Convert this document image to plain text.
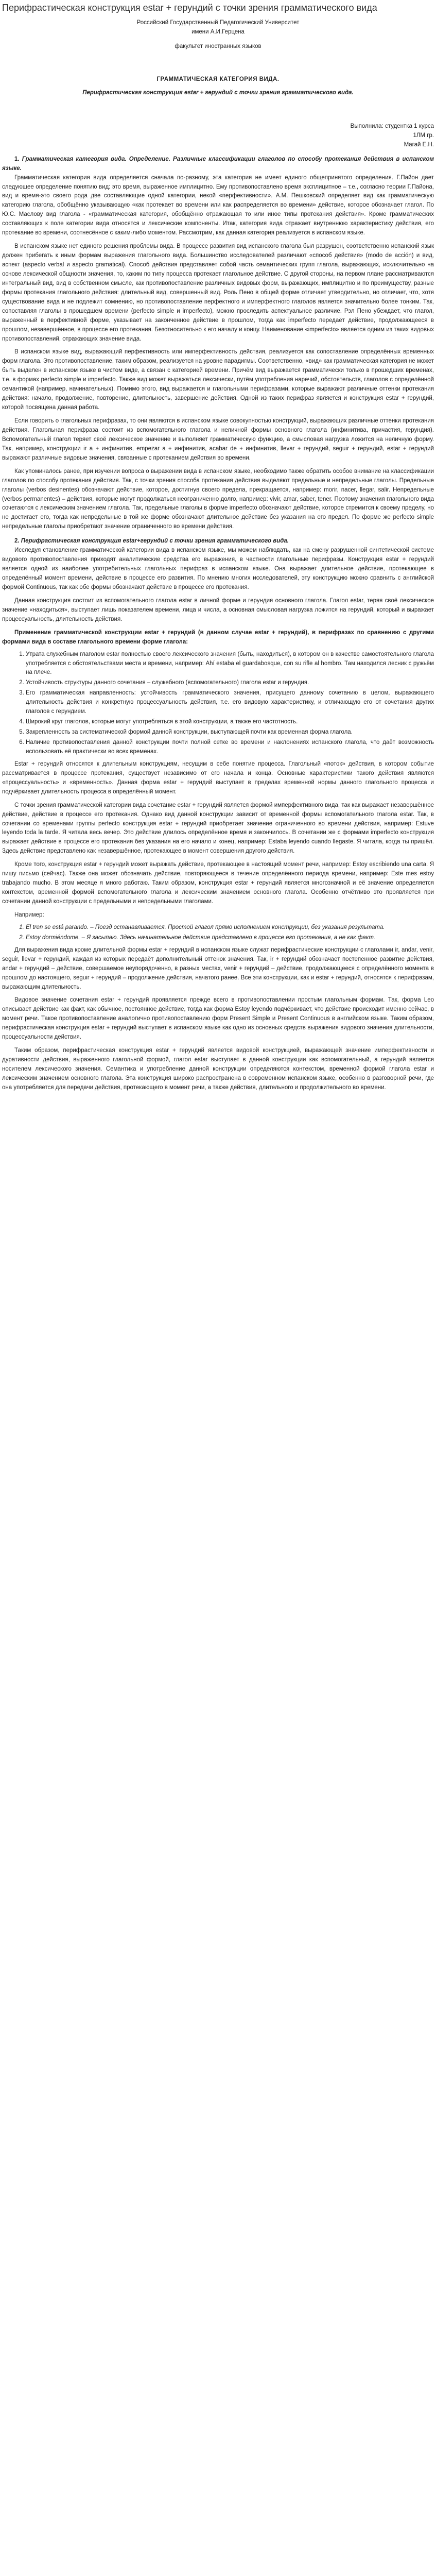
Перифрастическая конструкция estar + герундий с точки зрения грамматического вида
Российский Государственный Педагогический Университет
имени А.И.Герцена
факультет иностранных языков
ГРАММАТИЧЕСКАЯ КАТЕГОРИЯ ВИДА.
Перифрастическая конструкция estar + герундий с точки зрения грамматического вида.
Выполнила: студентка 1 курса
1ЛМ гр.
Магай Е.Н.
1. Грамматическая категория вида. Определение. Различные классификации глаголов по способу протекания действия в испанском языке.

Грамматическая категория вида определяется сначала по-разному, эта категория не имеет единого общепринятого определения. Г.Пайон дает следующее определение понятию вид: это время, выраженное имплицитно. Ему противопоставлено время эксплицитное – т.е., согласно теории Г.Пайона, вид и время-это своего рода две составляющие одной категории, некой «перфективности». А.М. Пешковский определяет вид как грамматическую категорию глагола, обобщённо указывающую «как протекает во времени или как распределяется во времени» действие, которое обозначает глагол. По Ю.С. Маслову вид глагола - «грамматическая категория, обобщённо отражающая то или иное типы протекания действия». Кроме грамматических составляющих к поле категории вида относятся и лексические компоненты. Итак, категория вида отражает внутреннюю характеристику действия, его протекание во времени, соотнесённое с каким-либо моментом. Рассмотрим, как данная категория реализуется в испанском языке.

В испанском языке нет единого решения проблемы вида. В процессе развития вид испанского глагола был разрушен, соответственно испанский язык должен прибегать к иным формам выражения глагольного вида. Большинство исследователей различают «способ действия» (modo de acción) и вид, аспект (aspecto verbal и aspecto gramatical). Способ действия представляет собой часть семантических групп глагола, выражающих, исключительно на основе лексической общности значения, то, каким по типу процесса протекает глагольное действие. С другой стороны, на первом плане рассматриваются интегральный вид, вид в собственном смысле, как противопоставление различных видовых форм, выражающих, имплицитно и по преимуществу, разные формы протекания глагольного действия: длительный вид, совершенный вид. Роль Пено в общей форме отличает утвердительно, но отличает, что, хотя существование вида и не подлежит сомнению, но противопоставление перфектного и имперфектного глаголов является значительно более тонким. Так, сопоставляя глаголы в прошедшем времени (perfecto simple и imperfecto), можно проследить аспектуальное различие. Рэл Пено убеждает, что глагол, выраженный в перфективной форме, указывает на законченное действие в прошлом, тогда как imperfecto передаёт действие, продолжающееся в прошлом, незавершённое, в процессе его протекания. Безотносительно к его началу и концу. Наименование «imperfecto» является одним из таких видовых противопоставлений, отражающих значение вида.

В испанском языке вид, выражающий перфективность или имперфективность действия, реализуется как сопоставление определённых временных форм глагола. Это противопоставление, таким образом, реализуется на уровне парадигмы. Соответственно, «вид» как грамматическая категория не может быть выделен в испанском языке в чистом виде, а связан с категорией времени. Причём вид выражается грамматически только в прошедших временах, т.е. в формах perfecto simple и imperfecto. Также вид может выражаться лексически, путём употребления наречий, обстоятельств, глаголов с определённой семантикой (например, начинательных). Помимо этого, вид выражается и глагольными перифразами, которые выражают различные оттенки протекания действия: начало, продолжение, повторение, длительность, завершение действия. Одной из таких перифраз является и конструкция estar + герундий, которой посвящена данная работа.

Если говорить о глагольных перифразах, то они являются в испанском языке совокупностью конструкций, выражающих различные оттенки протекания действия. Глагольная перифраза состоит из вспомогательного глагола и неличной формы основного глагола (инфинитива, причастия, герундия). Вспомогательный глагол теряет своё лексическое значение и выполняет грамматическую функцию, а смысловая нагрузка ложится на неличную форму. Так, например, конструкции ir a + инфинитив, empezar a + инфинитив, acabar de + инфинитив, llevar + герундий, seguir + герундий, estar + герундий выражают различные видовые значения, связанные с протеканием действия во времени.

Как упоминалось ранее, при изучении вопроса о выражении вида в испанском языке, необходимо также обратить особое внимание на классификации глаголов по способу протекания действия. Так, с точки зрения способа протекания действия выделяют предельные и непредельные глаголы. Предельные глаголы (verbos desinentes) обозначают действие, которое, достигнув своего предела, прекращается, например: morir, nacer, llegar, salir. Непредельные (verbos permanentes) – действия, которые могут продолжаться неограниченно долго, например: vivir, amar, saber, tener. Поэтому значения глагольного вида сочетаются с лексическим значением глагола. Так, предельные глаголы в форме imperfecto обозначают действие, которое стремится к своему пределу, но не достигает его, тогда как непредельные в той же форме обозначают длительное действие без указания на его предел. По форме же perfecto simple непредельные глаголы приобретают значение ограниченного во времени действия.

2. Перифрастическая конструкция estar+герундий с точки зрения грамматического вида.

Исследуя становление грамматической категории вида в испанском языке, мы можем наблюдать, как на смену разрушенной синтетической системе видового противопоставления приходят аналитические средства его выражения, в частности глагольные перифразы. Конструкция estar + герундий является одной из наиболее употребительных глагольных перифраз в испанском языке. Она выражает длительное действие, протекающее в определённый момент времени, действие в процессе его развития. По мнению многих исследователей, эту конструкцию можно сравнить с английской формой Continuous, так как обе формы обозначают действие в процессе его протекания.

Данная конструкция состоит из вспомогательного глагола estar в личной форме и герундия основного глагола. Глагол estar, теряя своё лексическое значение «находиться», выступает лишь показателем времени, лица и числа, а основная смысловая нагрузка ложится на герундий, который и выражает процессуальность, длительность действия.

Применение грамматической конструкции estar + герундий (в данном случае estar + герундий), в перифразах по сравнению с другими формами вида в составе глагольного времени форме глагола:

1. Утрата служебным глаголом estar полностью своего лексического значения (быть, находиться), в котором он в качестве самостоятельного глагола употребляется с обстоятельствами места и времени, например: Ahí estaba el guardabosque, con su rifle al hombro. Там находился лесник с ружьём на плече.
2. Устойчивость структуры данного сочетания – служебного (вспомогательного) глагола estar и герундия.
3. Его грамматическая направленность: устойчивость грамматического значения, присущего данному сочетанию в целом, выражающего длительность действия и конкретную процессуальность действия, т.е. его видовую характеристику, и отличающую его от сочетания других глаголов с герундием.
4. Широкий круг глаголов, которые могут употребляться в этой конструкции, а также его частотность.
5. Закрепленность за систематической формой данной конструкции, выступающей почти как временная форма глагола.
6. Наличие противопоставления данной конструкции почти полной сетке во времени и наклонениях испанского глагола, что даёт возможность использовать её практически во всех временах.

Estar + герундий относятся к длительным конструкциям, несущим в себе понятие процесса. Глагольный «поток» действия, в котором событие рассматривается в процессе протекания, существует независимо от его начала и конца. Основные характеристики такого действия являются «процессуальность» и «временность». Данная форма estar + герундий выступает в пределах временной нормы данного глагольного процесса и подчёркивает длительность процесса в определённый момент.

С точки зрения грамматической категории вида сочетание estar + герундий является формой имперфективного вида, так как выражает незавершённое действие, действие в процессе его протекания. Однако вид данной конструкции зависит от временной формы вспомогательного глагола estar. Так, в сочетании со временами группы perfecto конструкция estar + герундий приобретает значение ограниченного во времени действия, например: Estuve leyendo toda la tarde. Я читала весь вечер. Это действие длилось определённое время и закончилось. В сочетании же с формами imperfecto конструкция выражает действие в процессе его протекания без указания на его начало и конец, например: Estaba leyendo cuando llegaste. Я читала, когда ты пришёл. Здесь действие представлено как незавершённое, протекающее в момент совершения другого действия.

Кроме того, конструкция estar + герундий может выражать действие, протекающее в настоящий момент речи, например: Estoy escribiendo una carta. Я пишу письмо (сейчас). Также она может обозначать действие, повторяющееся в течение определённого периода времени, например: Este mes estoy trabajando mucho. В этом месяце я много работаю. Таким образом, конструкция estar + герундий является многозначной и её значение определяется контекстом, временной формой вспомогательного глагола и лексическим значением основного глагола. Особенно отчётливо это проявляется при сочетании данной конструкции с предельными и непредельными глаголами.

Например:
1. El tren se está parando. – Поезд останавливается. Простой глагол прямо исполнением конструкции, без указания результата.
2. Estoy dormiéndome. – Я засыпаю. Здесь начинательное действие представлено в процессе его протекания, а не как факт.

Для выражения вида кроме длительной формы estar + герундий в испанском языке служат перифрастические конструкции с глаголами ir, andar, venir, seguir, llevar + герундий, каждая из которых передаёт дополнительный оттенок значения. Так, ir + герундий обозначает постепенное развитие действия, andar + герундий – действие, совершаемое неупорядоченно, в разных местах, venir + герундий – действие, продолжающееся с определённого момента в прошлом до настоящего, seguir + герундий – продолжение действия, начатого ранее. Все эти конструкции, как и estar + герундий, относятся к перифразам, выражающим длительность.

Видовое значение сочетания estar + герундий проявляется прежде всего в противопоставлении простым глагольным формам. Так, форма Leo описывает действие как факт, как обычное, постоянное действие, тогда как форма Estoy leyendo подчёркивает, что действие происходит именно сейчас, в момент речи. Такое противопоставление аналогично противопоставлению форм Present Simple и Present Continuous в английском языке. Таким образом, перифрастическая конструкция estar + герундий выступает в испанском языке как одно из основных средств выражения видового значения длительности, процессуальности действия.

Таким образом, перифрастическая конструкция estar + герундий является видовой конструкцией, выражающей значение имперфективности и дуративности действия, выраженного глагольной формой, глагол estar выступает в данной конструкции как вспомогательный, а герундий является носителем лексического значения. Семантика и употребление данной конструкции определяются контекстом, временной формой глагола estar и лексическим значением основного глагола. Эта конструкция широко распространена в современном испанском языке, особенно в разговорной речи, где она употребляется для передачи действия, протекающего в момент речи, а также действия, длительного и продолжительного во времени.
